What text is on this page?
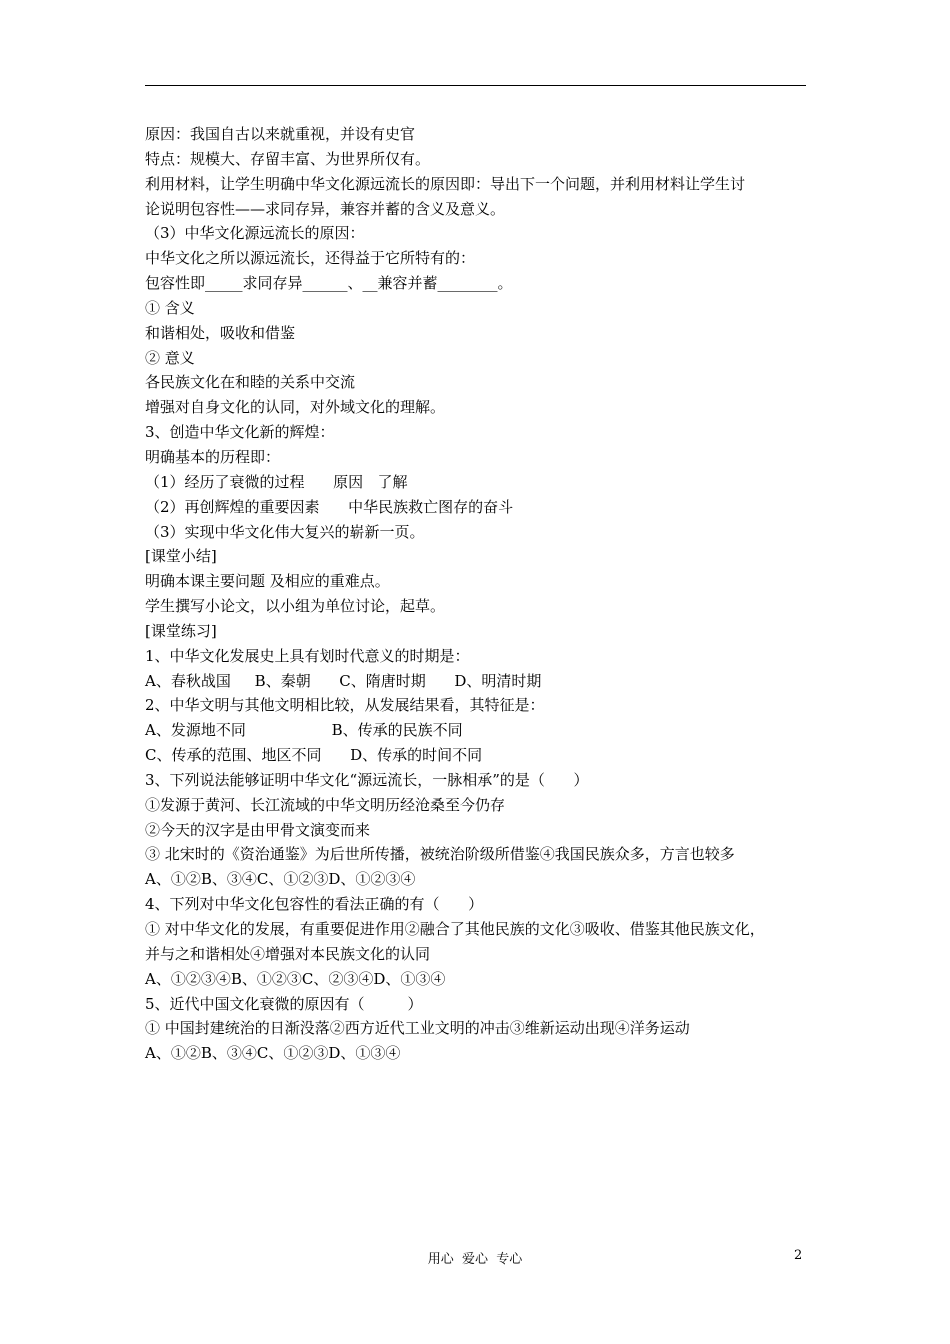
原因：我国自古以来就重视，并设有史官
特点：规模大、存留丰富、为世界所仅有。
利用材料，让学生明确中华文化源远流长的原因即：导出下一个问题，并利用材料让学生讨
论说明包容性——求同存异，兼容并蓄的含义及意义。
（3）中华文化源远流长的原因：
中华文化之所以源远流长，还得益于它所特有的：
包容性即_____求同存异______、__兼容并蓄________。
① 含义
和谐相处，吸收和借鉴
② 意义
各民族文化在和睦的关系中交流
增强对自身文化的认同，对外域文化的理解。
3、创造中华文化新的辉煌：
明确基本的历程即：
（1）经历了衰微的过程      原因   了解
（2）再创辉煌的重要因素      中华民族救亡图存的奋斗
（3）实现中华文化伟大复兴的崭新一页。
[课堂小结]
明确本课主要问题 及相应的重难点。
学生撰写小论文，以小组为单位讨论，起草。
[课堂练习]
1、中华文化发展史上具有划时代意义的时期是：
A、春秋战国     B、秦朝      C、隋唐时期      D、明清时期
2、中华文明与其他文明相比较，从发展结果看，其特征是：
A、发源地不同                  B、传承的民族不同
C、传承的范围、地区不同      D、传承的时间不同
3、下列说法能够证明中华文化“源远流长，一脉相承”的是（      ）
①发源于黄河、长江流域的中华文明历经沧桑至今仍存
②今天的汉字是由甲骨文演变而来
③ 北宋时的《资治通鉴》为后世所传播，被统治阶级所借鉴④我国民族众多，方言也较多
A、①②B、③④C、①②③D、①②③④
4、下列对中华文化包容性的看法正确的有（      ）
① 对中华文化的发展，有重要促进作用②融合了其他民族的文化③吸收、借鉴其他民族文化，
并与之和谐相处④增强对本民族文化的认同
A、①②③④B、①②③C、②③④D、①③④
5、近代中国文化衰微的原因有（         ）
① 中国封建统治的日渐没落②西方近代工业文明的冲击③维新运动出现④洋务运动
A、①②B、③④C、①②③D、①③④
用心  爱心  专心	2
